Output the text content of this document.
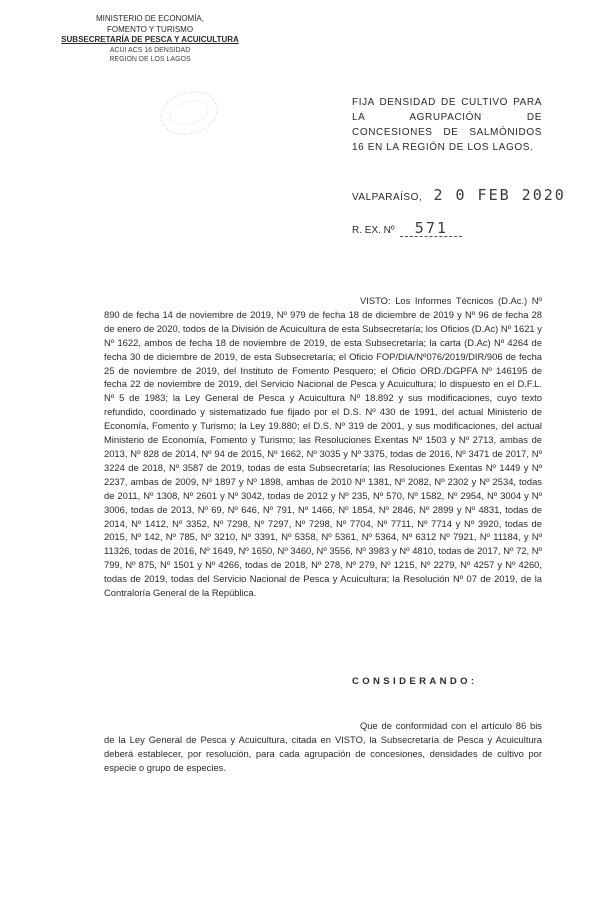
MINISTERIO DE ECONOMÍA,
FOMENTO Y TURISMO
SUBSECRETARÍA DE PESCA Y ACUICULTURA
ACUI ACS 16 DENSIDAD
REGION DE LOS LAGOS
FIJA DENSIDAD DE CULTIVO PARA LA AGRUPACIÓN DE CONCESIONES DE SALMÓNIDOS 16 EN LA REGIÓN DE LOS LAGOS.
VALPARAÍSO, 2 0 FEB 2020
R. EX. Nº 571
VISTO: Los Informes Técnicos (D.Ac.) Nº 890 de fecha 14 de noviembre de 2019, Nº 979 de fecha 18 de diciembre de 2019 y Nº 96 de fecha 28 de enero de 2020, todos de la División de Acuicultura de esta Subsecretaría; los Oficios (D.Ac) Nº 1621 y Nº 1622, ambos de fecha 18 de noviembre de 2019, de esta Subsecretaría; la carta (D.Ac) Nº 4264 de fecha 30 de diciembre de 2019, de esta Subsecretaría; el Oficio FOP/DIA/Nº076/2019/DIR/906 de fecha 25 de noviembre de 2019, del Instituto de Fomento Pesquero; el Oficio ORD./DGPFA Nº 146195 de fecha 22 de noviembre de 2019, del Servicio Nacional de Pesca y Acuicultura; lo dispuesto en el D.F.L. Nº 5 de 1983; la Ley General de Pesca y Acuicultura Nº 18.892 y sus modificaciones, cuyo texto refundido, coordinado y sistematizado fue fijado por el D.S. Nº 430 de 1991, del actual Ministerio de Economía, Fomento y Turismo; la Ley 19.880; el D.S. Nº 319 de 2001, y sus modificaciones, del actual Ministerio de Economía, Fomento y Turismo; las Resoluciones Exentas Nº 1503 y Nº 2713, ambas de 2013, Nº 828 de 2014, Nº 94 de 2015, Nº 1662, Nº 3035 y Nº 3375, todas de 2016, Nº 3471 de 2017, Nº 3224 de 2018, Nº 3587 de 2019, todas de esta Subsecretaría; las Resoluciones Exentas Nº 1449 y Nº 2237, ambas de 2009, Nº 1897 y Nº 1898, ambas de 2010 Nº 1381, Nº 2082, Nº 2302 y Nº 2534, todas de 2011, Nº 1308, Nº 2601 y Nº 3042, todas de 2012 y Nº 235, Nº 570, Nº 1582, Nº 2954, Nº 3004 y Nº 3006, todas de 2013, Nº 69, Nº 646, Nº 791, Nº 1466, Nº 1854, Nº 2846, Nº 2899 y Nº 4831, todas de 2014, Nº 1412, Nº 3352, Nº 7298, Nº 7297, Nº 7298, Nº 7704, Nº 7711, Nº 7714 y Nº 3920, todas de 2015, Nº 142, Nº 785, Nº 3210, Nº 3391, Nº 5358, Nº 5361, Nº 5364, Nº 6312 Nº 7921, Nº 11184, y Nº 11326, todas de 2016, Nº 1649, Nº 1650, Nº 3460, Nº 3556, Nº 3983 y Nº 4810, todas de 2017, Nº 72, Nº 799, Nº 875, Nº 1501 y Nº 4266, todas de 2018, Nº 278, Nº 279, Nº 1215, Nº 2279, Nº 4257 y Nº 4260, todas de 2019, todas del Servicio Nacional de Pesca y Acuicultura; la Resolución Nº 07 de 2019, de la Contraloría General de la República.
CONSIDERANDO:
Que de conformidad con el artículo 86 bis de la Ley General de Pesca y Acuicultura, citada en VISTO, la Subsecretaría de Pesca y Acuicultura deberá establecer, por resolución, para cada agrupación de concesiones, densidades de cultivo por especie o grupo de especies.
